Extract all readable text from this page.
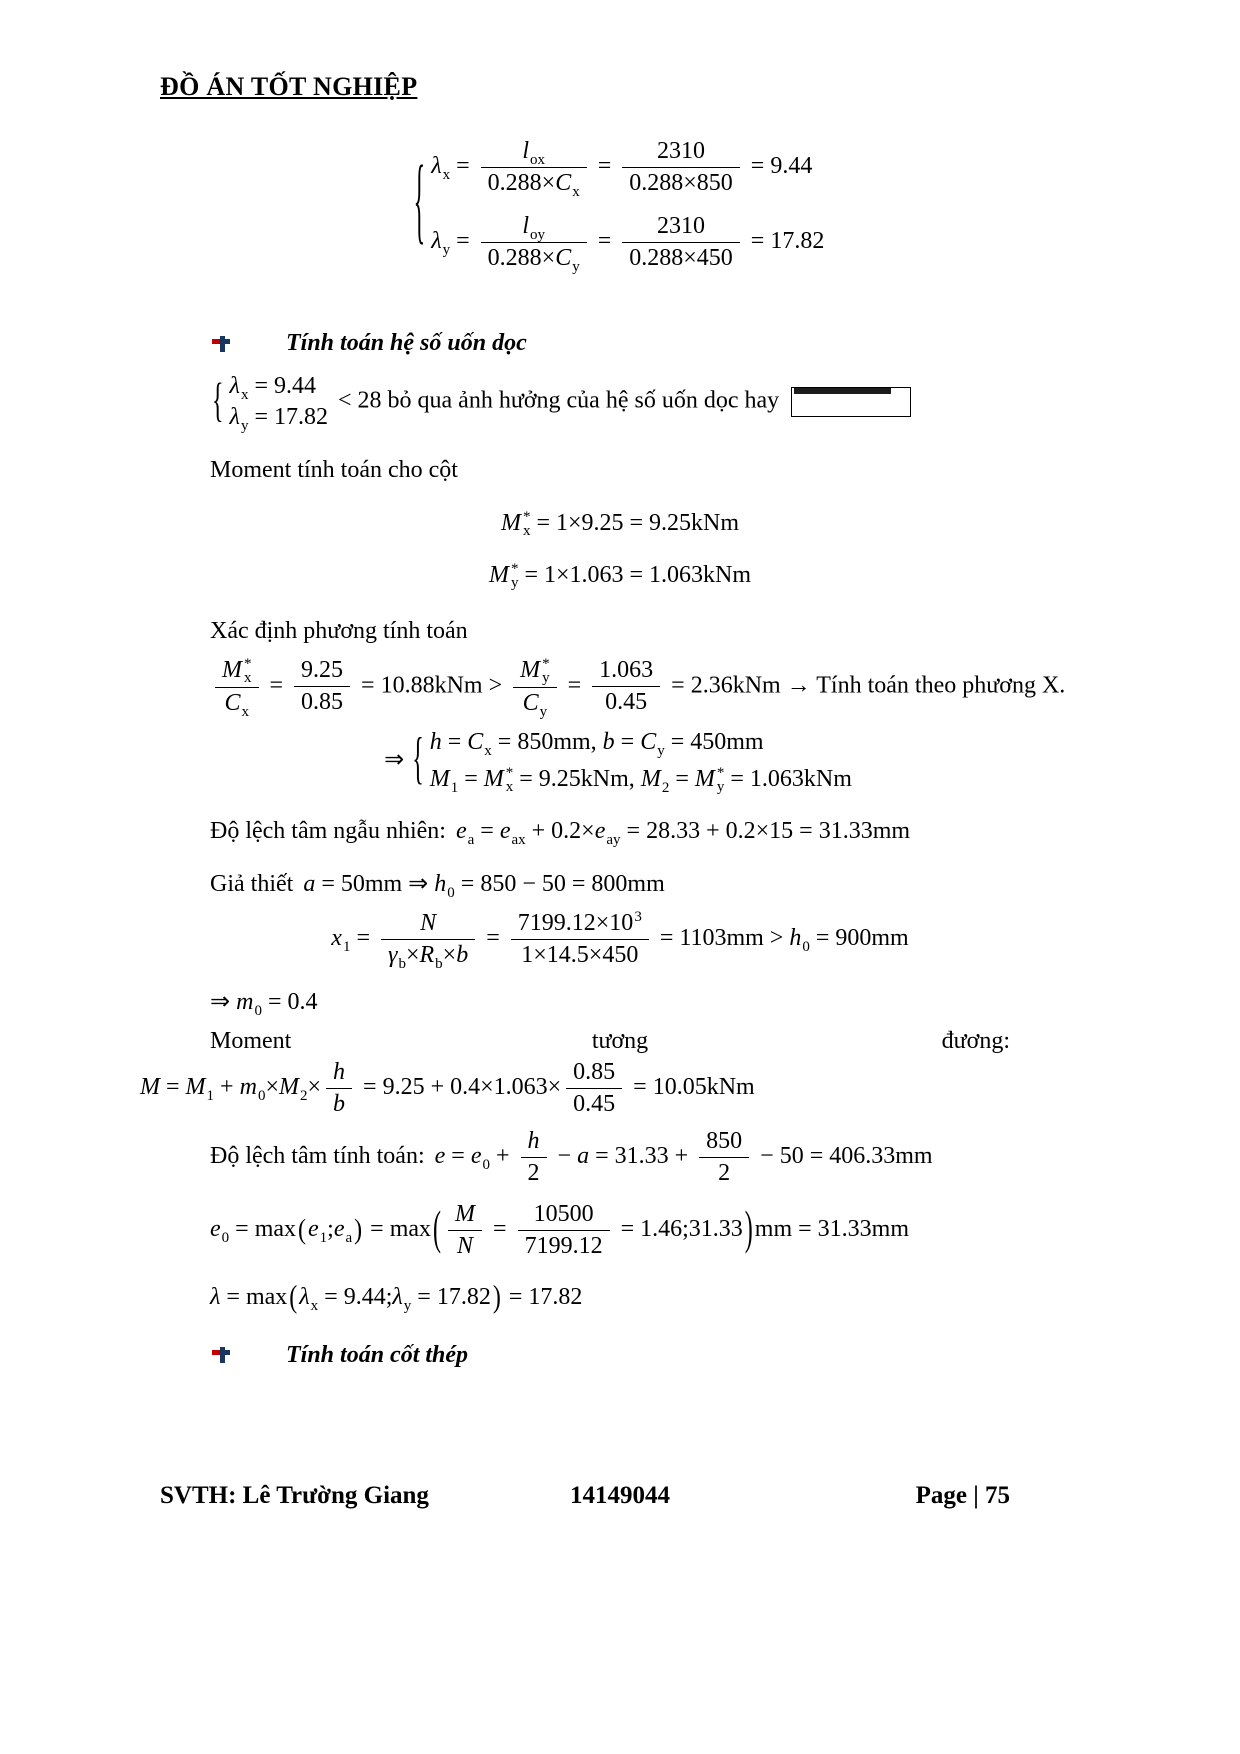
ĐỒ ÁN TỐT NGHIỆP
{ $\lambda_x$ =
$l_{ox}$
$0.288\times C_x$
= $\frac{2310}{0.288\times 850} = 9.44$
$\lambda_y$ =
$l_{oy}$
$0.288\times C_y$
= $\frac{2310}{0.288\times 450} = 17.82$
Tính toán hệ số uốn dọc
{ $\lambda_x = 9.44$
$\lambda_y = 17.82$
< 28 bỏ qua ảnh hưởng của hệ số uốn dọc hay
Moment tính toán cho cột
M *
x = 1×9.25 = 9.25kNm
M *
y = 1×1.063 = 1.063kNm
Xác định phương tính toán
M *
x
$C_x = \frac{9.25}{0.85} = 10.88kNm > M$ *
y
$C_y = \frac{1.063}{0.45} = 2.36kNm$ → Tính toán theo phương X.
⇒ { $h = C_x = 850mm$, $b = C_y = 450mm$
$M_1 = M$ *
x = 9.25kNm, $M_2 = M$ *
y = 1.063kNm
Độ lệch tâm ngẫu nhiên: $e_a = e_{ax} + 0.2\times e_{ay} = 28.33 + 0.2\times 15 = 31.33mm$
Giả thiết a = 50mm ⇒ $h_0 = 850 - 50 = 800mm$
$x_1 = \frac{N}{\gamma_b\times R_b\times b} = \frac{7199.12\times 10^3}{1\times 14.5\times 450} = 1103mm > h_0 = 900mm$
⇒ $m_0 = 0.4$
Moment	tương	đương:
$M = M_1 + m_0\times M_2\times \frac{h}{b} = 9.25 + 0.4\times 1.063\times \frac{0.85}{0.45} = 10.05kNm$
Độ lệch tâm tính toán: $e = e_0 + \frac{h}{2} - a = 31.33 + \frac{850}{2} - 50 = 406.33mm$
$e_0$ = $\max(e_1;e_a) = \max( \frac{M}{N} = \frac{10500}{7199.12}$ = 1.46;31.33)mm = 31.33mm
$\lambda = \max(\lambda_x$ = $9.44;\lambda_y = 17.82) = 17.82$
Tính toán cốt thép
SVTH: Lê Trường Giang	14149044	Page | 75
